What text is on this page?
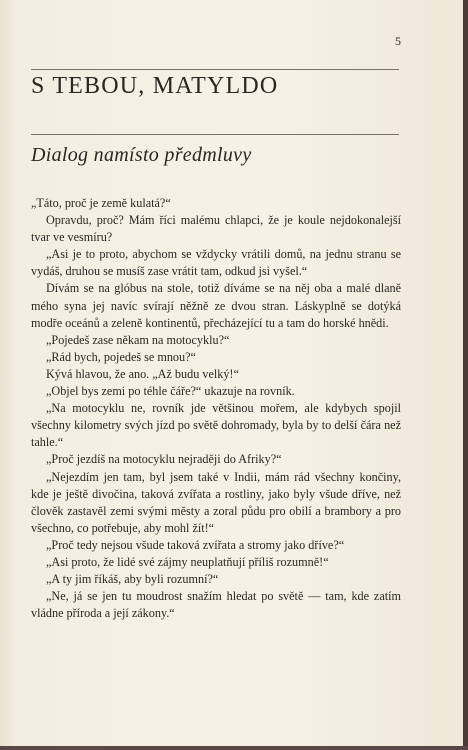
5
S TEBOU, MATYLDO
Dialog namísto předmluvy

„Táto, proč je země kulatá?“

Opravdu, proč? Mám říci malému chlapci, že je koule nejdokonalejší tvar ve vesmíru?

„Asi je to proto, abychom se vždycky vrátili domů, na jednu stranu se vydáš, druhou se musíš zase vrátit tam, odkud jsi vyšel.“

Dívám se na glóbus na stole, totiž díváme se na něj oba a malé dlaně mého syna jej navíc svírají něžně ze dvou stran. Láskyplně se dotýká modře oceánů a zeleně kontinentů, přecházející tu a tam do horské hnědi.

„Pojedeš zase někam na motocyklu?“

„Rád bych, pojedeš se mnou?“

Kývá hlavou, že ano. „Až budu velký!“

„Objel bys zemi po téhle čáře?“ ukazuje na rovník.

„Na motocyklu ne, rovník jde většinou mořem, ale kdybych spojil všechny kilometry svých jízd po světě dohromady, byla by to delší čára než tahle.“

„Proč jezdíš na motocyklu nejraději do Afriky?“

„Nejezdím jen tam, byl jsem také v Indii, mám rád všechny končiny, kde je ještě divočina, taková zvířata a rostliny, jako byly všude dříve, než člověk zastavěl zemi svými městy a zoral půdu pro obilí a brambory a pro všechno, co potřebuje, aby mohl žít!“

„Proč tedy nejsou všude taková zvířata a stromy jako dříve?“

„Asi proto, že lidé své zájmy neuplatňují příliš rozumně!“

„A ty jim říkáš, aby byli rozumní?“

„Ne, já se jen tu moudrost snažím hledat po světě — tam, kde zatím vládne příroda a její zákony.“
